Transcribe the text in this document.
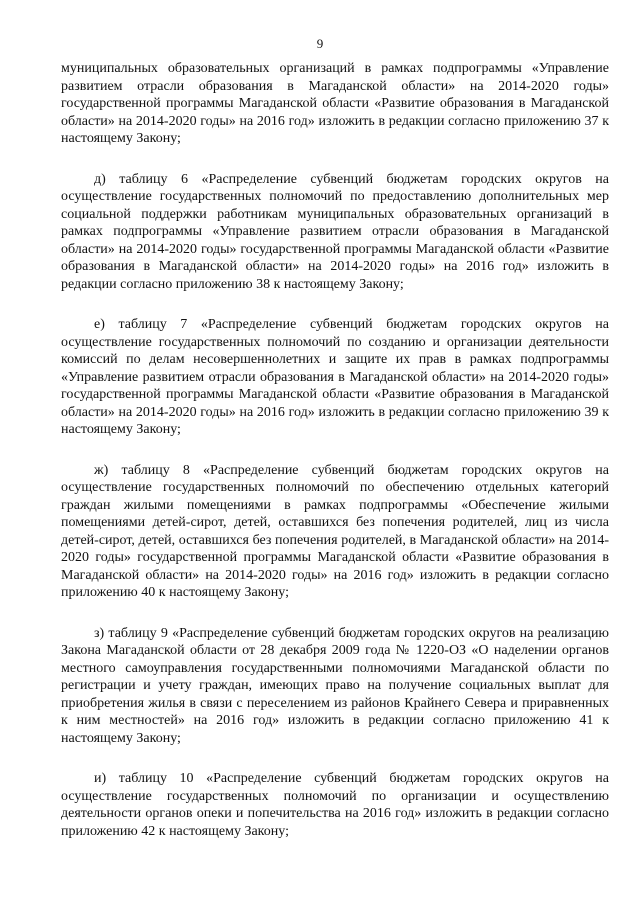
9

муниципальных образовательных организаций в рамках подпрограммы «Управление развитием отрасли образования в Магаданской области» на 2014-2020 годы» государственной программы Магаданской области «Развитие образования в Магаданской области» на 2014-2020 годы» на 2016 год» изложить в редакции согласно приложению 37 к настоящему Закону;

д) таблицу 6 «Распределение субвенций бюджетам городских округов на осуществление государственных полномочий по предоставлению дополнительных мер социальной поддержки работникам муниципальных образовательных организаций в рамках подпрограммы «Управление развитием отрасли образования в Магаданской области» на 2014-2020 годы» государственной программы Магаданской области «Развитие образования в Магаданской области» на 2014-2020 годы» на 2016 год» изложить в редакции согласно приложению 38 к настоящему Закону;

е) таблицу 7 «Распределение субвенций бюджетам городских округов на осуществление государственных полномочий по созданию и организации деятельности комиссий по делам несовершеннолетних и защите их прав в рамках подпрограммы «Управление развитием отрасли образования в Магаданской области» на 2014-2020 годы» государственной программы Магаданской области «Развитие образования в Магаданской области» на 2014-2020 годы» на 2016 год» изложить в редакции согласно приложению 39 к настоящему Закону;

ж) таблицу 8 «Распределение субвенций бюджетам городских округов на осуществление государственных полномочий по обеспечению отдельных категорий граждан жилыми помещениями в рамках подпрограммы «Обеспечение жилыми помещениями детей-сирот, детей, оставшихся без попечения родителей, лиц из числа детей-сирот, детей, оставшихся без попечения родителей, в Магаданской области» на 2014-2020 годы» государственной программы Магаданской области «Развитие образования в Магаданской области» на 2014-2020 годы» на 2016 год» изложить в редакции согласно приложению 40 к настоящему Закону;

з) таблицу 9 «Распределение субвенций бюджетам городских округов на реализацию Закона Магаданской области от 28 декабря 2009 года № 1220-ОЗ «О наделении органов местного самоуправления государственными полномочиями Магаданской области по регистрации и учету граждан, имеющих право на получение социальных выплат для приобретения жилья в связи с переселением из районов Крайнего Севера и приравненных к ним местностей» на 2016 год» изложить в редакции согласно приложению 41 к настоящему Закону;

и) таблицу 10 «Распределение субвенций бюджетам городских округов на осуществление государственных полномочий по организации и осуществлению деятельности органов опеки и попечительства на 2016 год» изложить в редакции согласно приложению 42 к настоящему Закону;
